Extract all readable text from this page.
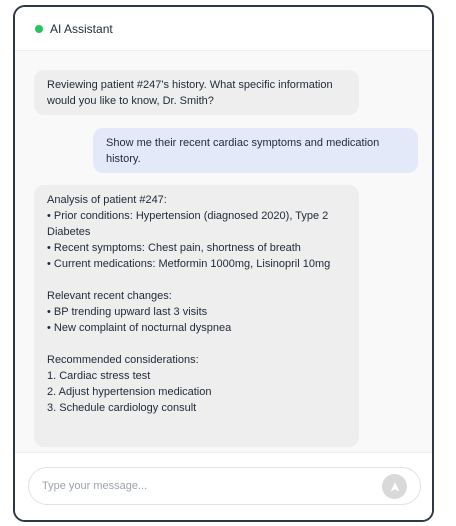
AI Assistant
Reviewing patient #247's history. What specific information would you like to know, Dr. Smith?
Show me their recent cardiac symptoms and medication history.
Analysis of patient #247:
• Prior conditions: Hypertension (diagnosed 2020), Type 2 Diabetes
• Recent symptoms: Chest pain, shortness of breath
• Current medications: Metformin 1000mg, Lisinopril 10mg

Relevant recent changes:
• BP trending upward last 3 visits
• New complaint of nocturnal dyspnea

Recommended considerations:
1. Cardiac stress test
2. Adjust hypertension medication
3. Schedule cardiology consult
Type your message...
